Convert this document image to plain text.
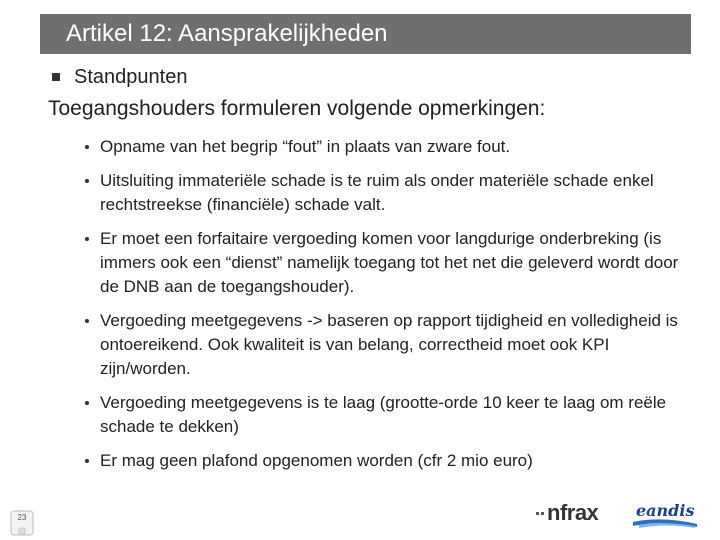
Artikel 12: Aansprakelijkheden
Standpunten
Toegangshouders formuleren volgende opmerkingen:
Opname van het begrip “fout” in plaats van zware fout.
Uitsluiting immateriële schade is te ruim als onder materiële schade enkel rechtstreekse (financiële) schade valt.
Er moet een forfaitaire vergoeding komen voor langdurige onderbreking (is immers ook een “dienst” namelijk toegang tot het net die geleverd wordt door de DNB aan de toegangshouder).
Vergoeding meetgegevens -> baseren op rapport tijdigheid en volledigheid is ontoereikend. Ook kwaliteit is van belang, correctheid moet ook KPI zijn/worden.
Vergoeding meetgegevens is te laag (grootte-orde 10 keer te laag om reële schade te dekken)
Er mag geen plafond opgenomen worden (cfr 2 mio euro)
23	nfrax eandis
